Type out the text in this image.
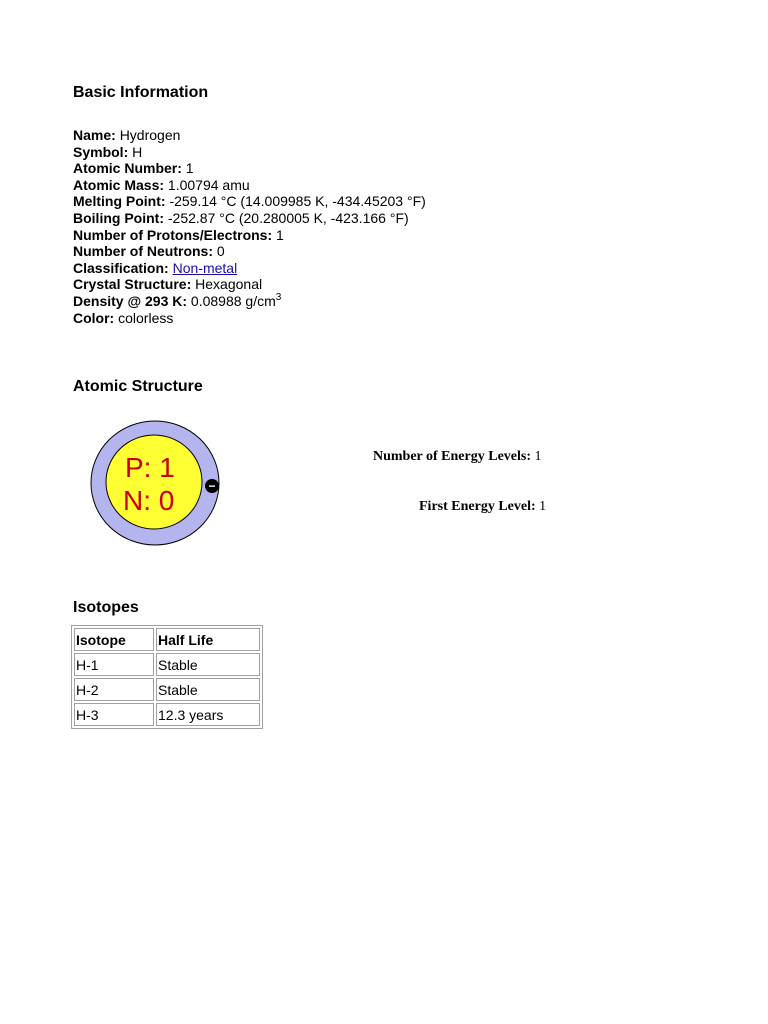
Basic Information
Name: Hydrogen
Symbol: H
Atomic Number: 1
Atomic Mass: 1.00794 amu
Melting Point: -259.14 °C (14.009985 K, -434.45203 °F)
Boiling Point: -252.87 °C (20.280005 K, -423.166 °F)
Number of Protons/Electrons: 1
Number of Neutrons: 0
Classification: Non-metal
Crystal Structure: Hexagonal
Density @ 293 K: 0.08988 $g/cm^3$
Color: colorless
Atomic Structure
P: 1
N: 0	−
Number of Energy Levels: 1
First Energy Level: 1
Isotopes
Isotope	Half Life
H-1	Stable
H-2	Stable
H-3	12.3 years
